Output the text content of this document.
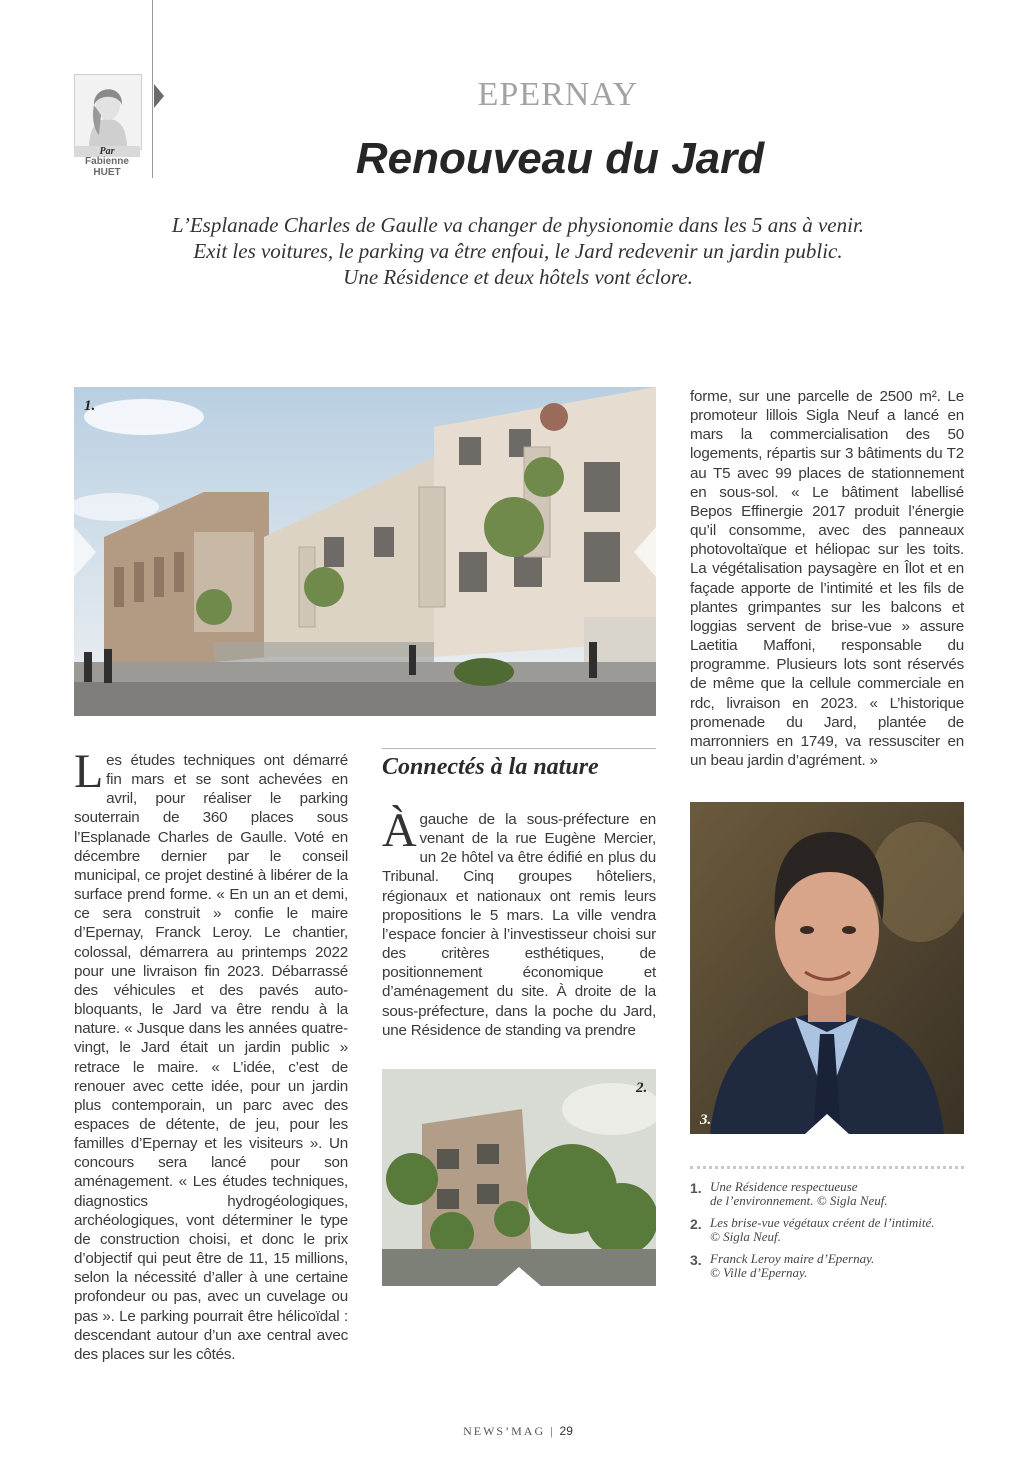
Par
Fabienne
HUET
EPERNAY
Renouveau du Jard
L’Esplanade Charles de Gaulle va changer de physionomie dans les 5 ans à venir.
Exit les voitures, le parking va être enfoui, le Jard redevenir un jardin public.
Une Résidence et deux hôtels vont éclore.
1.
Les études techniques ont démarré fin mars et se sont achevées en avril, pour réaliser le parking souterrain de 360 places sous l’Esplanade Charles de Gaulle. Voté en décembre dernier par le conseil municipal, ce projet destiné à libérer de la surface prend forme. « En un an et demi, ce sera construit » confie le maire d’Epernay, Franck Leroy. Le chantier, colossal, démarrera au printemps 2022 pour une livraison fin 2023. Débarrassé des véhicules et des pavés auto-bloquants, le Jard va être rendu à la nature. « Jusque dans les années quatre-vingt, le Jard était un jardin public » retrace le maire. « L’idée, c’est de renouer avec cette idée, pour un jardin plus contemporain, un parc avec des espaces de détente, de jeu, pour les familles d’Epernay et les visiteurs ». Un concours sera lancé pour son aménagement. « Les études techniques, diagnostics hydrogéologiques, archéologiques, vont déterminer le type de construction choisi, et donc le prix d’objectif qui peut être de 11, 15 millions, selon la nécessité d’aller à une certaine profondeur ou pas, avec un cuvelage ou pas ». Le parking pourrait être hélicoïdal : descendant autour d’un axe central avec des places sur les côtés.
Connectés à la nature
À gauche de la sous-préfecture en venant de la rue Eugène Mercier, un 2e hôtel va être édifié en plus du Tribunal. Cinq groupes hôteliers, régionaux et nationaux ont remis leurs propositions le 5 mars. La ville vendra l’espace foncier à l’investisseur choisi sur des critères esthétiques, de positionnement économique et d’aménagement du site. À droite de la sous-préfecture, dans la poche du Jard, une Résidence de standing va prendre
2.
forme, sur une parcelle de 2500 m². Le promoteur lillois Sigla Neuf a lancé en mars la commercialisation des 50 logements, répartis sur 3 bâtiments du T2 au T5 avec 99 places de stationnement en sous-sol. « Le bâtiment labellisé Bepos Effinergie 2017 produit l’énergie qu’il consomme, avec des panneaux photovoltaïque et héliopac sur les toits. La végétalisation paysagère en Îlot et en façade apporte de l’intimité et les fils de plantes grimpantes sur les balcons et loggias servent de brise-vue » assure Laetitia Maffoni, responsable du programme. Plusieurs lots sont réservés de même que la cellule commerciale en rdc, livraison en 2023. « L’historique promenade du Jard, plantée de marronniers en 1749, va ressusciter en un beau jardin d’agrément. »
3.
1. Une Résidence respectueuse
de l’environnement. © Sigla Neuf.
2. Les brise-vue végétaux créent de l’intimité.
© Sigla Neuf.
3. Franck Leroy maire d’Epernay.
© Ville d’Epernay.
NEWS’MAG | 29
